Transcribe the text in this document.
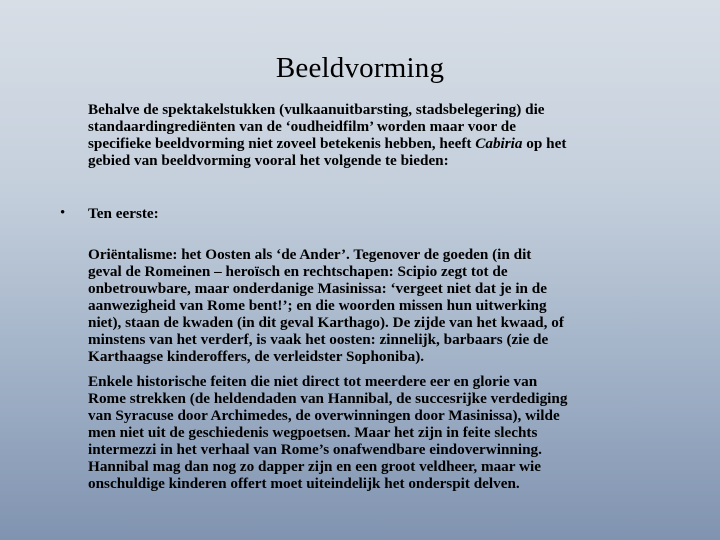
Beeldvorming
Behalve de spektakelstukken (vulkaanuitbarsting, stadsbelegering) die
standaardingrediënten van de ‘oudheidfilm’ worden maar voor de
specifieke beeldvorming niet zoveel betekenis hebben, heeft Cabiria op het
gebied van beeldvorming vooral het volgende te bieden:
• Ten eerste:
Oriëntalisme: het Oosten als ‘de Ander’. Tegenover de goeden (in dit
geval de Romeinen – heroïsch en rechtschapen: Scipio zegt tot de
onbetrouwbare, maar onderdanige Masinissa: ‘vergeet niet dat je in de
aanwezigheid van Rome bent!’; en die woorden missen hun uitwerking
niet), staan de kwaden (in dit geval Karthago). De zijde van het kwaad, of
minstens van het verderf, is vaak het oosten: zinnelijk, barbaars (zie de
Karthaagse kinderoffers, de verleidster Sophoniba).
Enkele historische feiten die niet direct tot meerdere eer en glorie van
Rome strekken (de heldendaden van Hannibal, de succesrijke verdediging
van Syracuse door Archimedes, de overwinningen door Masinissa), wilde
men niet uit de geschiedenis wegpoetsen. Maar het zijn in feite slechts
intermezzi in het verhaal van Rome’s onafwendbare eindoverwinning.
Hannibal mag dan nog zo dapper zijn en een groot veldheer, maar wie
onschuldige kinderen offert moet uiteindelijk het onderspit delven.
